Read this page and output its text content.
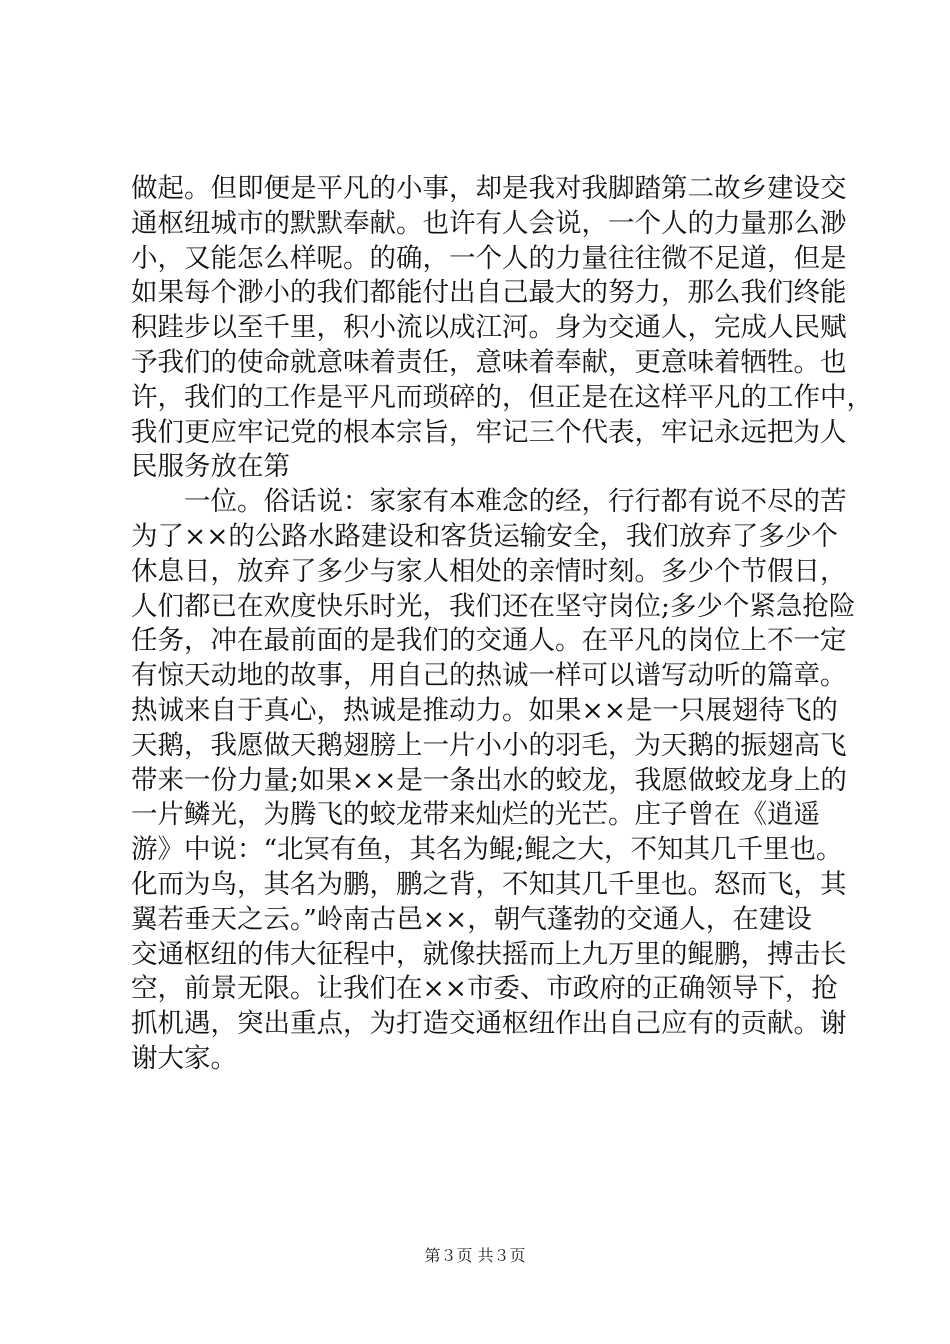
做起。但即便是平凡的小事，却是我对我脚踏第二故乡建设交
通枢纽城市的默默奉献。也许有人会说，一个人的力量那么渺
小，又能怎么样呢。的确，一个人的力量往往微不足道，但是
如果每个渺小的我们都能付出自己最大的努力，那么我们终能
积跬步以至千里，积小流以成江河。身为交通人，完成人民赋
予我们的使命就意味着责任，意味着奉献，更意味着牺牲。也
许，我们的工作是平凡而琐碎的，但正是在这样平凡的工作中，
我们更应牢记党的根本宗旨，牢记三个代表，牢记永远把为人
民服务放在第
　　一位。俗话说：家家有本难念的经，行行都有说不尽的苦
为了××的公路水路建设和客货运输安全，我们放弃了多少个
休息日，放弃了多少与家人相处的亲情时刻。多少个节假日，
人们都已在欢度快乐时光，我们还在坚守岗位;多少个紧急抢险
任务，冲在最前面的是我们的交通人。在平凡的岗位上不一定
有惊天动地的故事，用自己的热诚一样可以谱写动听的篇章。
热诚来自于真心，热诚是推动力。如果××是一只展翅待飞的
天鹅，我愿做天鹅翅膀上一片小小的羽毛，为天鹅的振翅高飞
带来一份力量;如果××是一条出水的蛟龙，我愿做蛟龙身上的
一片鳞光，为腾飞的蛟龙带来灿烂的光芒。庄子曾在《逍遥
游》中说：“北冥有鱼，其名为鲲;鲲之大，不知其几千里也。
化而为鸟，其名为鹏，鹏之背，不知其几千里也。怒而飞，其
翼若垂天之云。”岭南古邑××，朝气蓬勃的交通人，在建设
交通枢纽的伟大征程中，就像扶摇而上九万里的鲲鹏，搏击长
空，前景无限。让我们在××市委、市政府的正确领导下，抢
抓机遇，突出重点，为打造交通枢纽作出自己应有的贡献。谢
谢大家。
第３页 共３页
